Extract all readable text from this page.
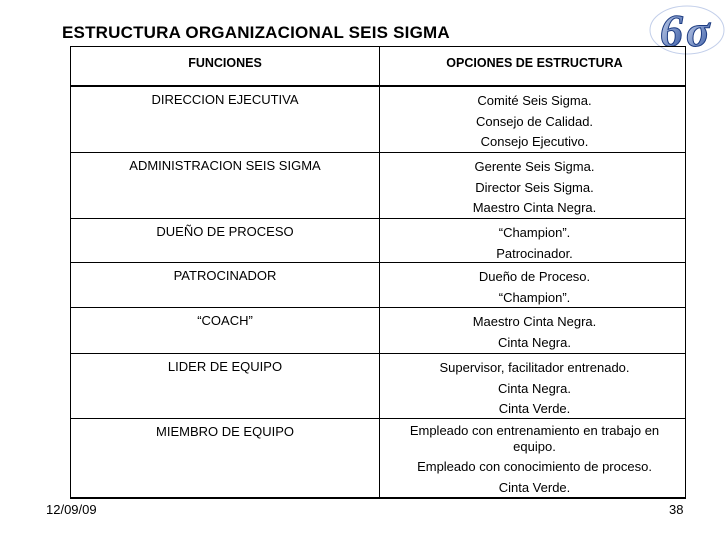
ESTRUCTURA ORGANIZACIONAL SEIS SIGMA	6 σ
FUNCIONES	OPCIONES DE ESTRUCTURA
DIRECCION EJECUTIVA	Comité Seis Sigma.
Consejo de Calidad.
Consejo Ejecutivo.
ADMINISTRACION SEIS SIGMA	Gerente Seis Sigma.
Director Seis Sigma.
Maestro Cinta Negra.
DUEÑO DE PROCESO	“Champion”.
Patrocinador.
PATROCINADOR	Dueño de Proceso.
“Champion”.
“COACH”	Maestro Cinta Negra.
Cinta Negra.
LIDER DE EQUIPO	Supervisor, facilitador entrenado.
Cinta Negra.
Cinta Verde.
MIEMBRO DE EQUIPO	Empleado con entrenamiento en trabajo en equipo.
Empleado con conocimiento de proceso.
Cinta Verde.
12/09/09	38
